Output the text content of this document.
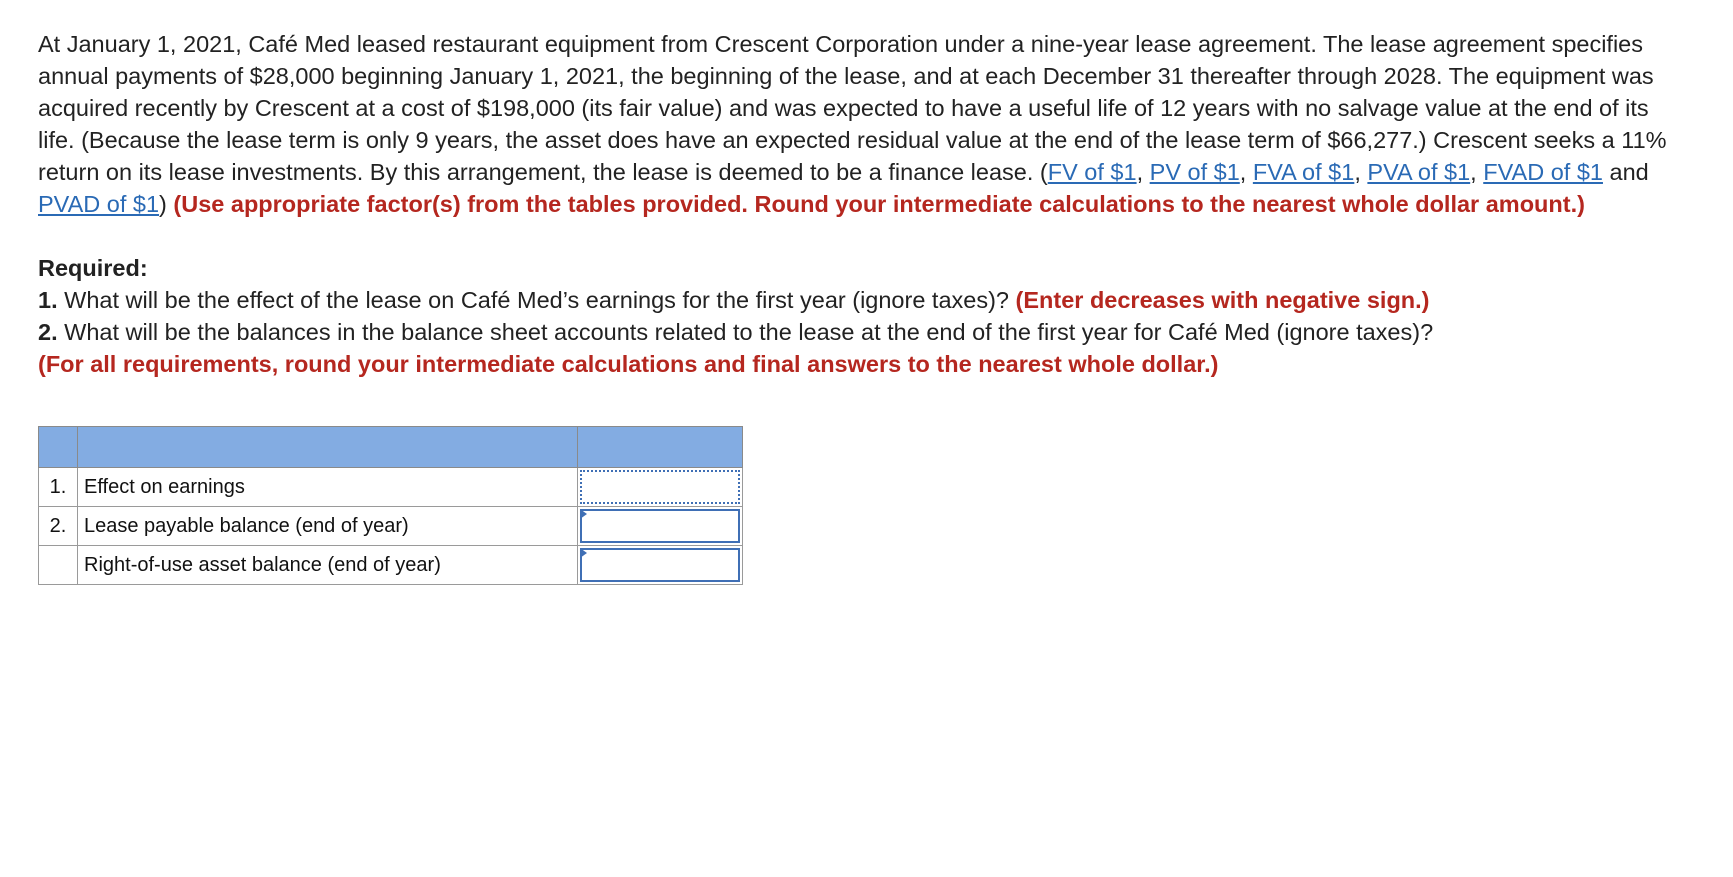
At January 1, 2021, Café Med leased restaurant equipment from Crescent Corporation under a nine-year lease agreement. The lease agreement specifies annual payments of $28,000 beginning January 1, 2021, the beginning of the lease, and at each December 31 thereafter through 2028. The equipment was acquired recently by Crescent at a cost of $198,000 (its fair value) and was expected to have a useful life of 12 years with no salvage value at the end of its life. (Because the lease term is only 9 years, the asset does have an expected residual value at the end of the lease term of $66,277.) Crescent seeks a 11% return on its lease investments. By this arrangement, the lease is deemed to be a finance lease. (FV of $1, PV of $1, FVA of $1, PVA of $1, FVAD of $1 and PVAD of $1) (Use appropriate factor(s) from the tables provided. Round your intermediate calculations to the nearest whole dollar amount.)

Required:
1. What will be the effect of the lease on Café Med’s earnings for the first year (ignore taxes)? (Enter decreases with negative sign.)
2. What will be the balances in the balance sheet accounts related to the lease at the end of the first year for Café Med (ignore taxes)?
(For all requirements, round your intermediate calculations and final answers to the nearest whole dollar.)

1.	Effect on earnings	

2.	Lease payable balance (end of year)	

	Right-of-use asset balance (end of year)	
